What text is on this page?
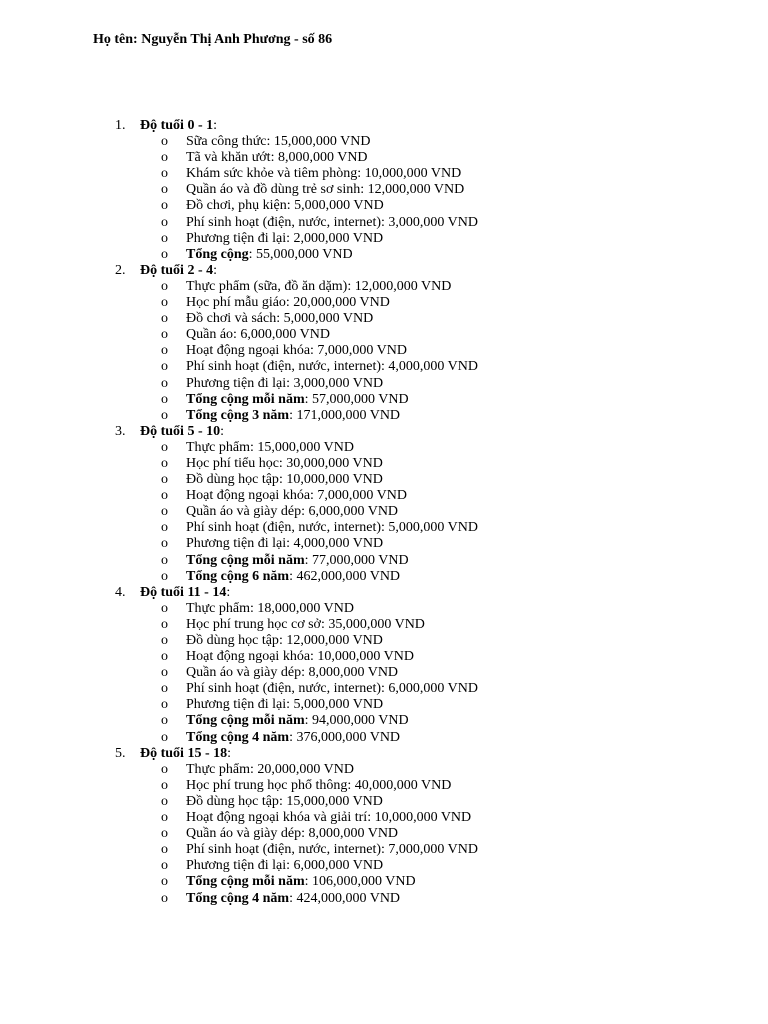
Họ tên: Nguyễn Thị Anh Phương - số 86

1. Độ tuổi 0 - 1:
o Sữa công thức: 15,000,000 VND
o Tã và khăn ướt: 8,000,000 VND
o Khám sức khỏe và tiêm phòng: 10,000,000 VND
o Quần áo và đồ dùng trẻ sơ sinh: 12,000,000 VND
o Đồ chơi, phụ kiện: 5,000,000 VND
o Phí sinh hoạt (điện, nước, internet): 3,000,000 VND
o Phương tiện đi lại: 2,000,000 VND
o Tổng cộng: 55,000,000 VND
2. Độ tuổi 2 - 4:
o Thực phẩm (sữa, đồ ăn dặm): 12,000,000 VND
o Học phí mẫu giáo: 20,000,000 VND
o Đồ chơi và sách: 5,000,000 VND
o Quần áo: 6,000,000 VND
o Hoạt động ngoại khóa: 7,000,000 VND
o Phí sinh hoạt (điện, nước, internet): 4,000,000 VND
o Phương tiện đi lại: 3,000,000 VND
o Tổng cộng mỗi năm: 57,000,000 VND
o Tổng cộng 3 năm: 171,000,000 VND
3. Độ tuổi 5 - 10:
o Thực phẩm: 15,000,000 VND
o Học phí tiểu học: 30,000,000 VND
o Đồ dùng học tập: 10,000,000 VND
o Hoạt động ngoại khóa: 7,000,000 VND
o Quần áo và giày dép: 6,000,000 VND
o Phí sinh hoạt (điện, nước, internet): 5,000,000 VND
o Phương tiện đi lại: 4,000,000 VND
o Tổng cộng mỗi năm: 77,000,000 VND
o Tổng cộng 6 năm: 462,000,000 VND
4. Độ tuổi 11 - 14:
o Thực phẩm: 18,000,000 VND
o Học phí trung học cơ sở: 35,000,000 VND
o Đồ dùng học tập: 12,000,000 VND
o Hoạt động ngoại khóa: 10,000,000 VND
o Quần áo và giày dép: 8,000,000 VND
o Phí sinh hoạt (điện, nước, internet): 6,000,000 VND
o Phương tiện đi lại: 5,000,000 VND
o Tổng cộng mỗi năm: 94,000,000 VND
o Tổng cộng 4 năm: 376,000,000 VND
5. Độ tuổi 15 - 18:
o Thực phẩm: 20,000,000 VND
o Học phí trung học phổ thông: 40,000,000 VND
o Đồ dùng học tập: 15,000,000 VND
o Hoạt động ngoại khóa và giải trí: 10,000,000 VND
o Quần áo và giày dép: 8,000,000 VND
o Phí sinh hoạt (điện, nước, internet): 7,000,000 VND
o Phương tiện đi lại: 6,000,000 VND
o Tổng cộng mỗi năm: 106,000,000 VND
o Tổng cộng 4 năm: 424,000,000 VND
